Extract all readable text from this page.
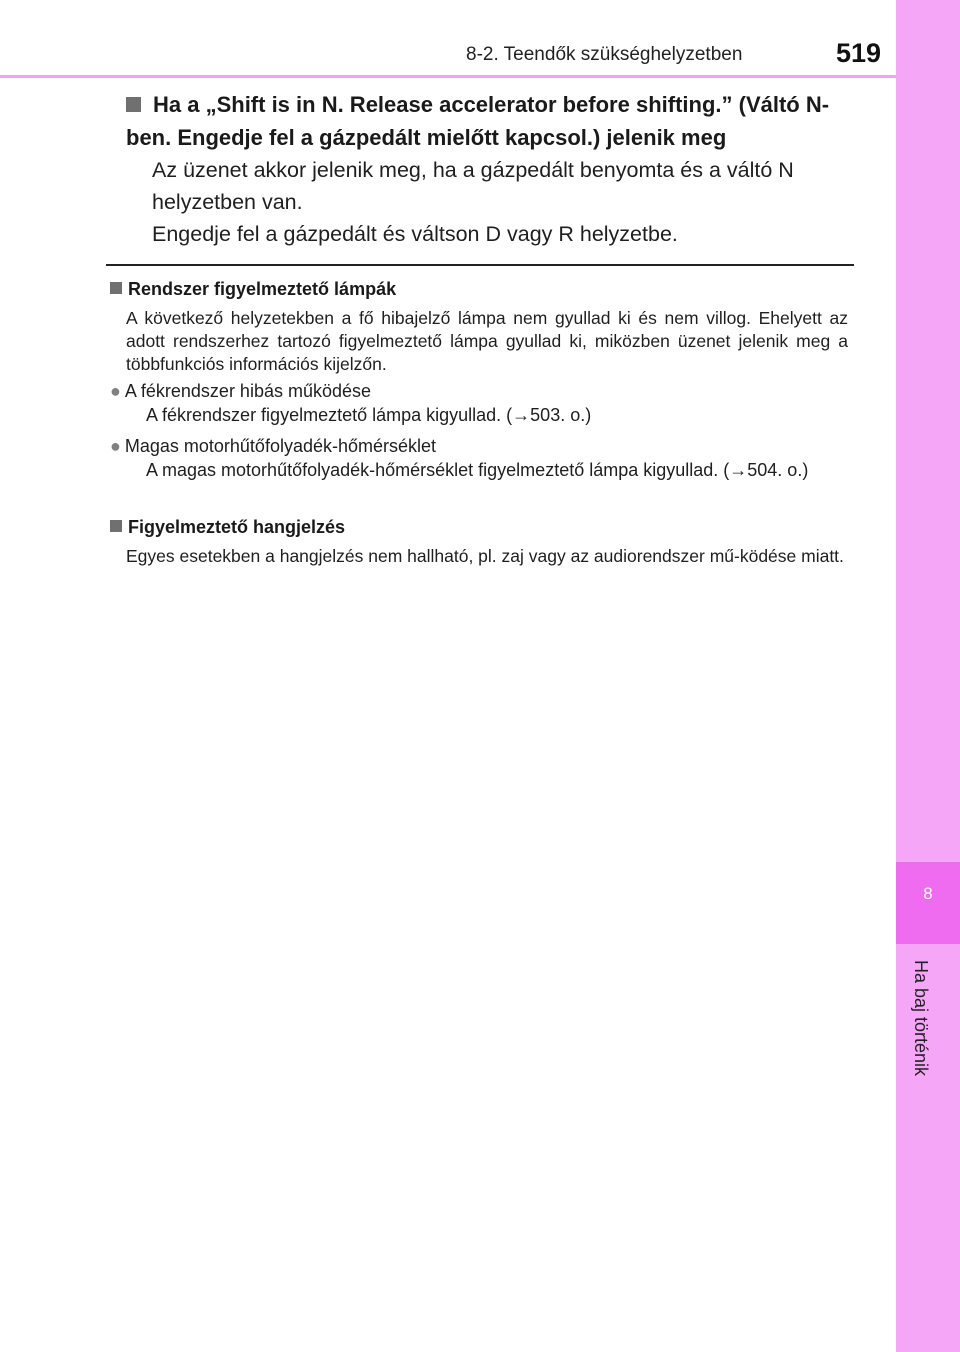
8-2. Teendők szükséghelyzetben	519
8
Ha baj történik
Ha a „Shift is in N. Release accelerator before shifting.” (Váltó N-ben. Engedje fel a gázpedált mielőtt kapcsol.) jelenik meg
Az üzenet akkor jelenik meg, ha a gázpedált benyomta és a váltó N helyzetben van.
Engedje fel a gázpedált és váltson D vagy R helyzetbe.
Rendszer figyelmeztető lámpák
A következő helyzetekben a fő hibajelző lámpa nem gyullad ki és nem villog. Ehelyett az adott rendszerhez tartozó figyelmeztető lámpa gyullad ki, miközben üzenet jelenik meg a többfunkciós információs kijelzőn.
● A fékrendszer hibás működése
A fékrendszer figyelmeztető lámpa kigyullad. (→503. o.)
● Magas motorhűtőfolyadék-hőmérséklet
A magas motorhűtőfolyadék-hőmérséklet figyelmeztető lámpa kigyullad. (→504. o.)
Figyelmeztető hangjelzés
Egyes esetekben a hangjelzés nem hallható, pl. zaj vagy az audiorendszer mű-ködése miatt.
